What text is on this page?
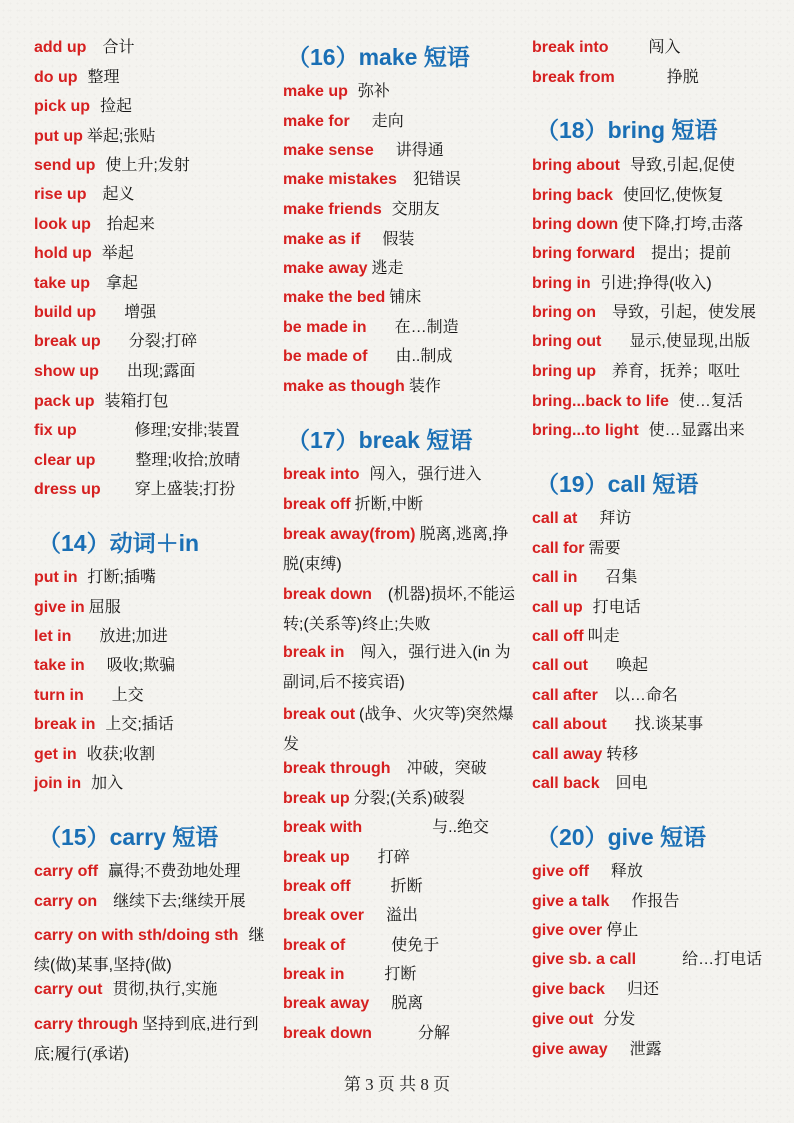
add up 合计
do up 整理
pick up 捡起
put up 举起;张贴
send up 使上升;发射
rise up 起义
look up 抬起来
hold up 举起
take up 拿起
build up 增强
break up 分裂;打碎
show up 出现;露面
pack up 装箱打包
fix up	修理;安排;装置
clear up	整理;收拾;放晴
dress up 穿上盛装;打扮
（14）动词＋in
put in 打断;插嘴
give in 屈服
let in 放进;加进
take in 吸收;欺骗
turn in 上交
break in 上交;插话
get in 收获;收割
join in 加入
（15）carry 短语
carry off 赢得;不费劲地处理
carry on 继续下去;继续开展
carry on with sth/doing sth 继续(做)某事,坚持(做)
carry out 贯彻,执行,实施
carry through 坚持到底,进行到底;履行(承诺)
（16）make 短语
make up 弥补
make for 走向
make sense 讲得通
make mistakes 犯错误
make friends 交朋友
make as if 假装
make away 逃走
make the bed 铺床
be made in 在…制造
be made of 由..制成
make as though 装作
（17）break 短语
break into 闯入，强行进入
break off 折断,中断
break away(from) 脱离,逃离,挣脱(束缚)
break down (机器)损坏,不能运转;(关系等)终止;失败
break in 闯入，强行进入(in 为副词,后不接宾语)
break out (战争、火灾等)突然爆发
break through 冲破，突破
break up 分裂;(关系)破裂
break with	与..绝交
break up 打碎
break off	折断
break over 溢出
break of	使免于
break in	打断
break away 脱离
break down	分解
break into	闯入
break from	挣脱
（18）bring 短语
bring about 导致,引起,促使
bring back 使回忆,使恢复
bring down 使下降,打垮,击落
bring forward 提出；提前
bring in 引进;挣得(收入)
bring on 导致，引起，使发展
bring out 显示,使显现,出版
bring up 养育，抚养；呕吐
bring...back to life 使…复活
bring...to light 使…显露出来
（19）call 短语
call at 拜访
call for 需要
call in 召集
call up 打电话
call off 叫走
call out 唤起
call after 以…命名
call about 找.谈某事
call away 转移
call back 回电
（20）give 短语
give off 释放
give a talk 作报告
give over 停止
give sb. a call	给…打电话
give back 归还
give out 分发
give away 泄露
第 3 页 共 8 页
